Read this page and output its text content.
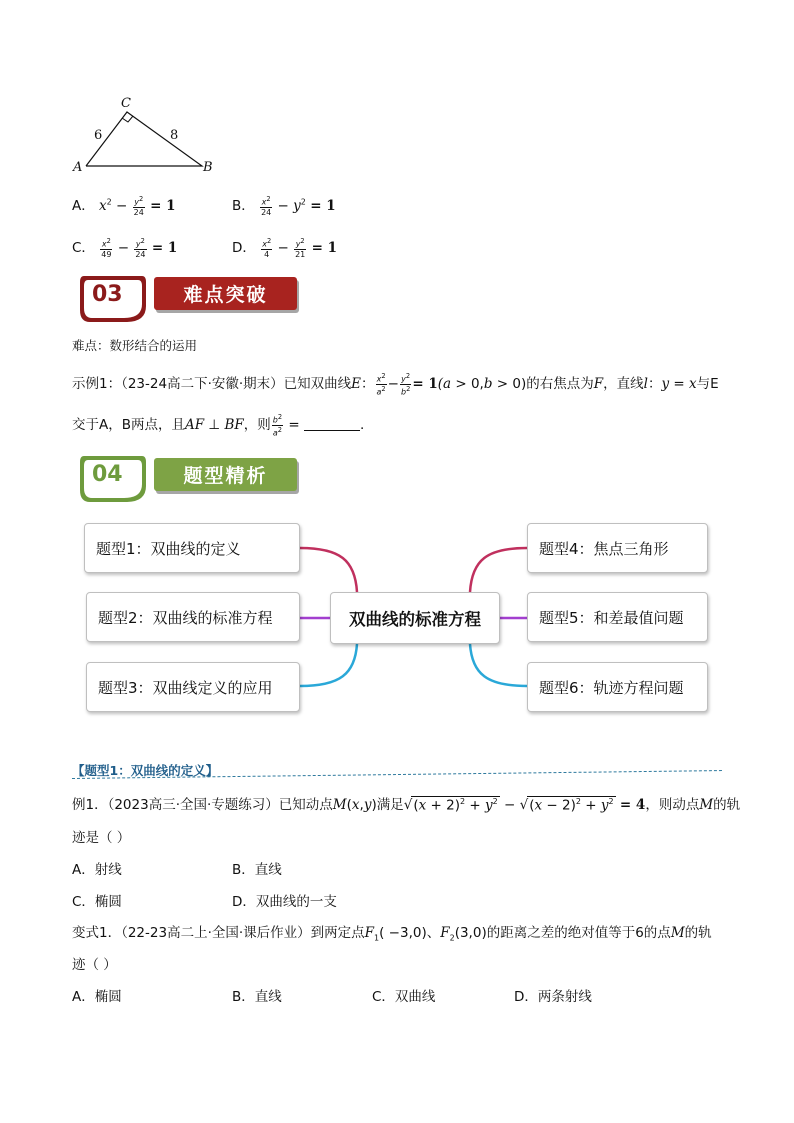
C
A	B
6	8
A． $x^2 - \frac{y^2}{24} = 1$	B． $\frac{x^2}{24} - y^2 = 1$
C． $\frac{x^2}{49} - \frac{y^2}{24} = 1$	D． $\frac{x^2}{4} - \frac{y^2}{21} = 1$
03	难点突破
难点：数形结合的运用
示例1：（23-24高二下·安徽·期末）已知双曲线E： $\frac{x^2}{a^2} - \frac{y^2}{b^2} = 1(a > 0,b > 0)$的右焦点为F，直线l：y = x与E
交于A，B两点，且AF ⊥ BF，则 $\frac{b^2}{a^2}$ =	.
04	题型精析
题型1：双曲线的定义
题型2：双曲线的标准方程
题型3：双曲线定义的应用
双曲线的标准方程
题型4：焦点三角形
题型5：和差最值问题
题型6：轨迹方程问题
【题型1：双曲线的定义】
例1．（2023高三·全国·专题练习）已知动点M(x,y)满足$√(x + 2)^2 + y^2 - √(x - 2)^2 + y^2 = 4$，则动点M的轨
迹是（ ）
A．射线	B．直线
C．椭圆	D．双曲线的一支
变式1．（22-23高二上·全国·课后作业）到两定点$F_1( -3,0)$、$F_2(3,0)$的距离之差的绝对值等于6的点M的轨
迹（ ）
A．椭圆	B．直线	C．双曲线	D．两条射线
